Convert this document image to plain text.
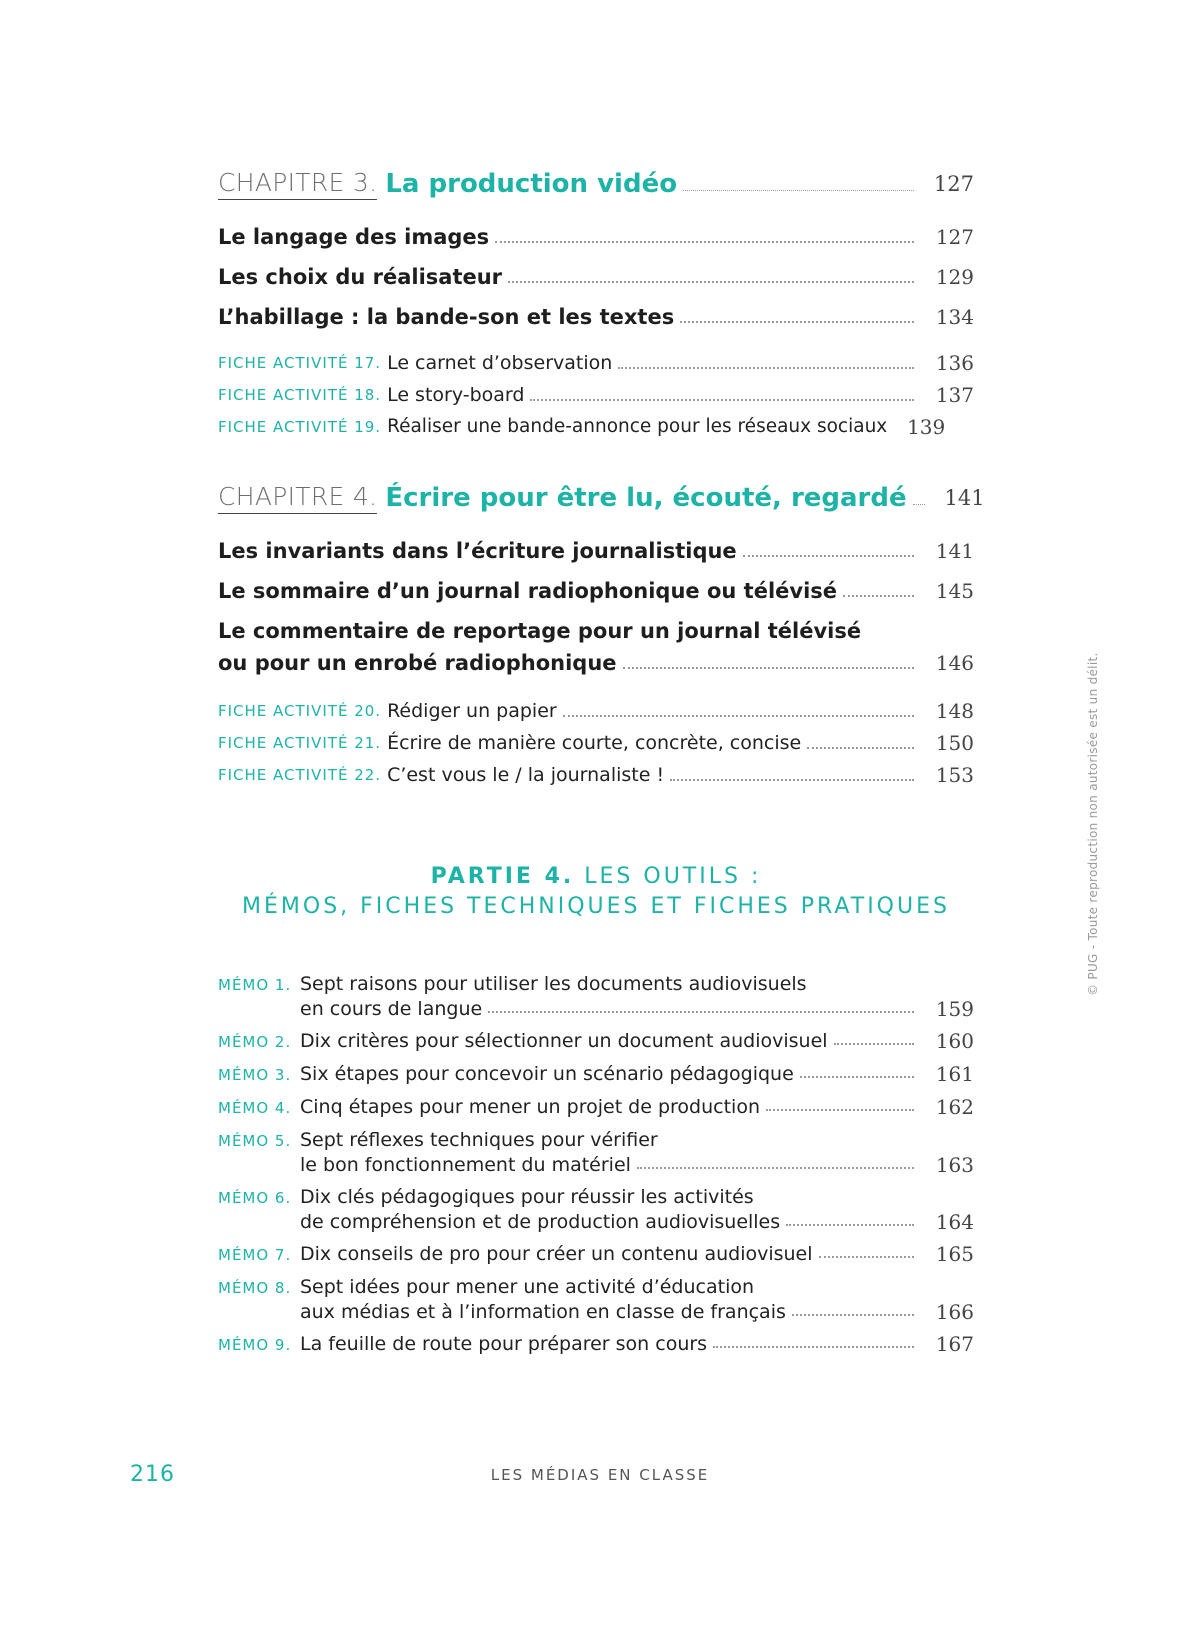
CHAPITRE 3. La production vidéo	127
Le langage des images	127
Les choix du réalisateur	129
L’habillage : la bande-son et les textes	134
FICHE ACTIVITÉ 17. Le carnet d’observation	136
FICHE ACTIVITÉ 18. Le story-board	137
FICHE ACTIVITÉ 19. Réaliser une bande-annonce pour les réseaux sociaux 139
CHAPITRE 4. Écrire pour être lu, écouté, regardé	141
Les invariants dans l’écriture journalistique	141
Le sommaire d’un journal radiophonique ou télévisé	145
Le commentaire de reportage pour un journal télévisé
ou pour un enrobé radiophonique	146
FICHE ACTIVITÉ 20. Rédiger un papier	148
FICHE ACTIVITÉ 21. Écrire de manière courte, concrète, concise	150
FICHE ACTIVITÉ 22. C’est vous le / la journaliste !	153
PARTIE 4. LES OUTILS :
MÉMOS, FICHES TECHNIQUES ET FICHES PRATIQUES
MÉMO 1. Sept raisons pour utiliser les documents audiovisuels
en cours de langue	159
MÉMO 2. Dix critères pour sélectionner un document audiovisuel	160
MÉMO 3. Six étapes pour concevoir un scénario pédagogique	161
MÉMO 4. Cinq étapes pour mener un projet de production	162
MÉMO 5. Sept réflexes techniques pour vérifier
le bon fonctionnement du matériel	163
MÉMO 6. Dix clés pédagogiques pour réussir les activités
de compréhension et de production audiovisuelles	164
MÉMO 7. Dix conseils de pro pour créer un contenu audiovisuel	165
MÉMO 8. Sept idées pour mener une activité d’éducation
aux médias et à l’information en classe de français	166
MÉMO 9. La feuille de route pour préparer son cours	167
© PUG - Toute reproduction non autorisée est un délit.
216	LES MÉDIAS EN CLASSE
